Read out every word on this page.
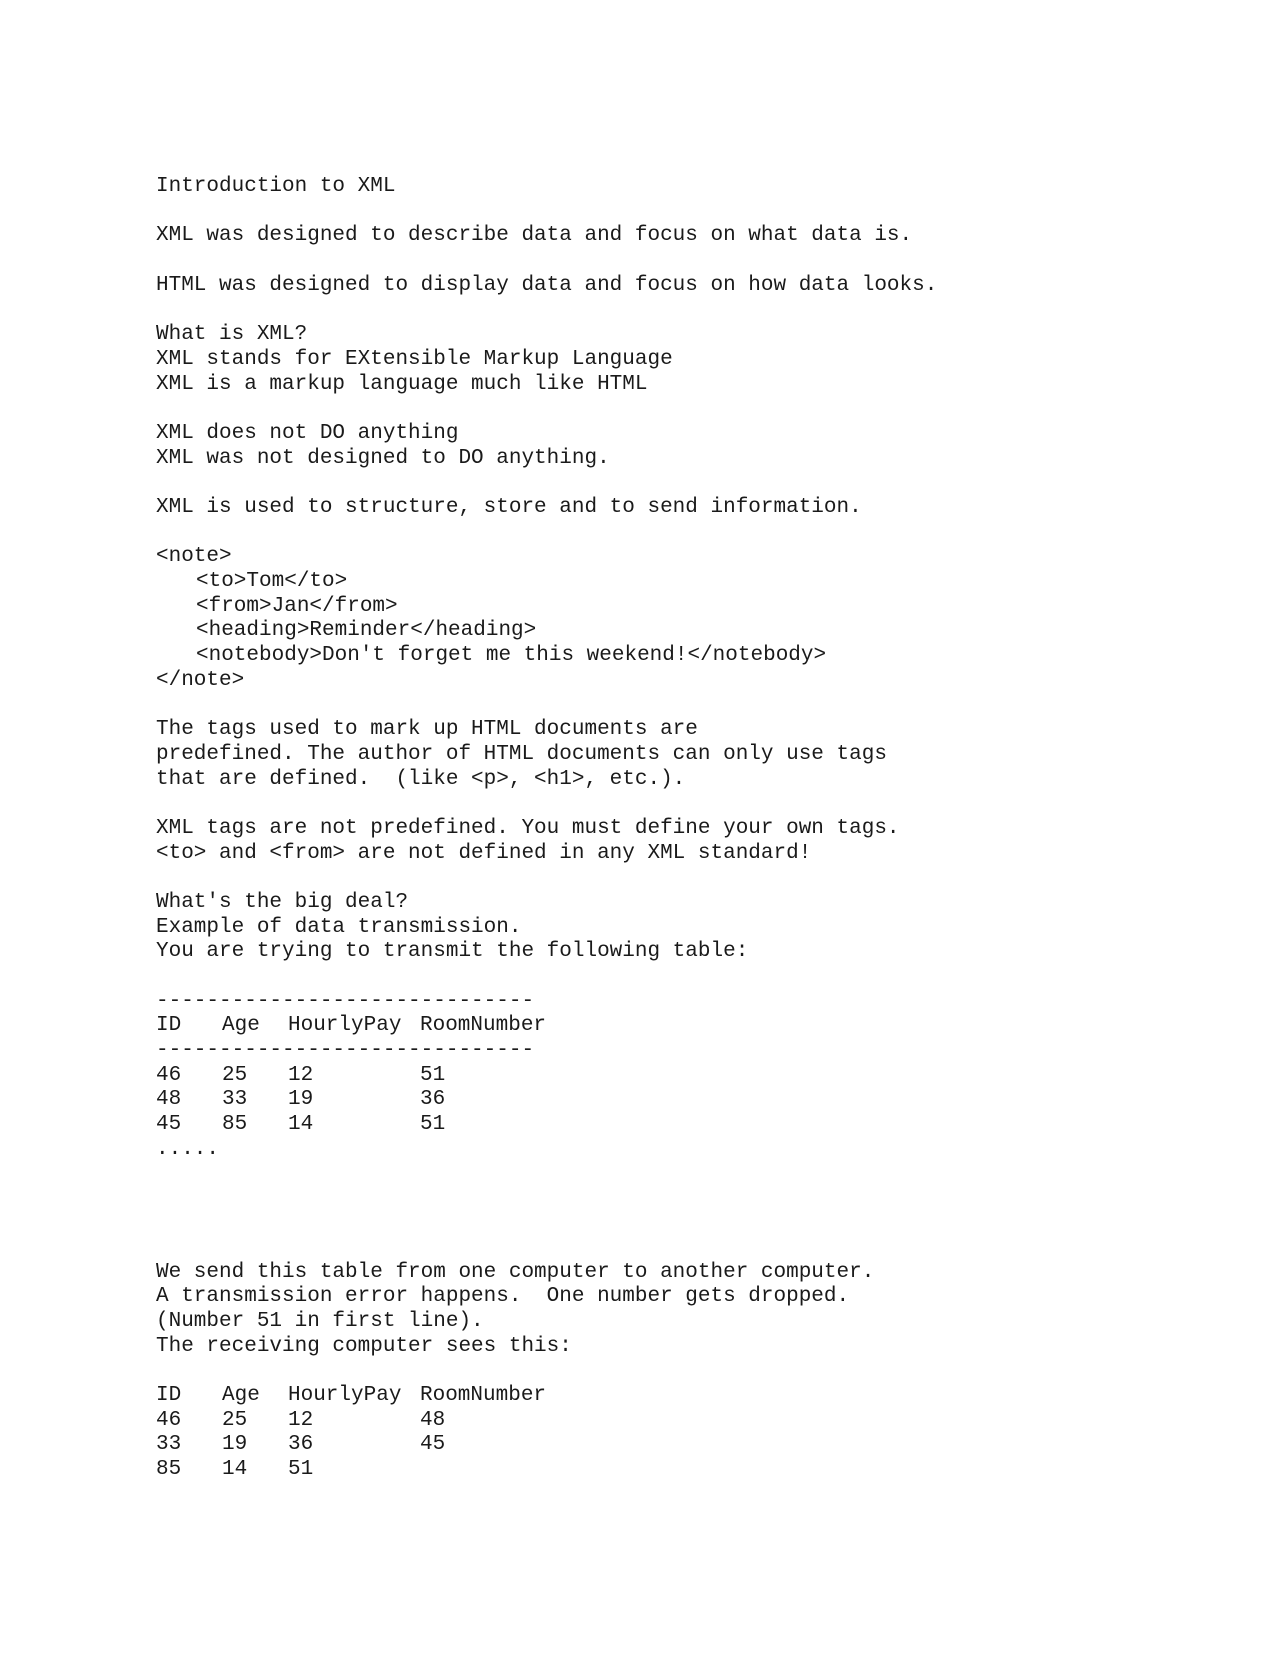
Introduction to XML
XML was designed to describe data and focus on what data is.
HTML was designed to display data and focus on how data looks.
What is XML?
XML stands for EXtensible Markup Language
XML is a markup language much like HTML
XML does not DO anything
XML was not designed to DO anything.
XML is used to structure, store and to send information.
<note>
<to>Tom</to>
<from>Jan</from>
<heading>Reminder</heading>
<notebody>Don't forget me this weekend!</notebody>
</note>
The tags used to mark up HTML documents are
predefined. The author of HTML documents can only use tags
that are defined.  (like <p>, <h1>, etc.).
XML tags are not predefined. You must define your own tags.
<to> and <from> are not defined in any XML standard!
What's the big deal?
Example of data transmission.
You are trying to transmit the following table:
------------------------------
ID	Age	HourlyPay RoomNumber
------------------------------
46	25	12	51
48	33	19	36
45	85	14	51
.....
We send this table from one computer to another computer.
A transmission error happens.  One number gets dropped.
(Number 51 in first line).
The receiving computer sees this:
ID	Age	HourlyPay RoomNumber
46	25	12	48
33	19	36	45
85	14	51
